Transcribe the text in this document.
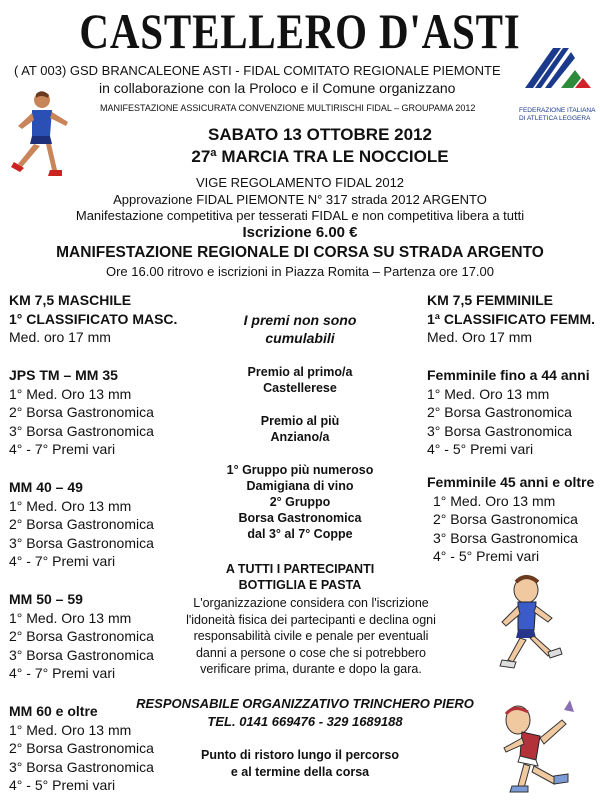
CASTELLERO D'ASTI
( AT 003) GSD BRANCALEONE ASTI - FIDAL COMITATO REGIONALE PIEMONTE
in collaborazione con la Proloco e il Comune organizzano
MANIFESTAZIONE ASSICURATA CONVENZIONE MULTIRISCHI FIDAL – GROUPAMA 2012	FEDERAZIONE ITALIANA
DI ATLETICA LEGGERA
SABATO 13 OTTOBRE 2012
27ª MARCIA TRA LE NOCCIOLE
VIGE REGOLAMENTO FIDAL 2012
Approvazione FIDAL PIEMONTE N° 317 strada 2012 ARGENTO
Manifestazione competitiva per tesserati FIDAL e non competitiva libera a tutti
Iscrizione 6.00 €
MANIFESTAZIONE REGIONALE DI CORSA SU STRADA ARGENTO
Ore 16.00 ritrovo e iscrizioni in Piazza Romita – Partenza ore 17.00
KM 7,5 MASCHILE
1° CLASSIFICATO MASC.
Med. oro 17 mm
JPS TM – MM 35
1° Med. Oro 13 mm
2° Borsa Gastronomica
3° Borsa Gastronomica
4° - 7° Premi vari
MM 40 – 49
1° Med. Oro 13 mm
2° Borsa Gastronomica
3° Borsa Gastronomica
4° - 7° Premi vari
MM 50 – 59
1° Med. Oro 13 mm
2° Borsa Gastronomica
3° Borsa Gastronomica
4° - 7° Premi vari
MM 60 e oltre
1° Med. Oro 13 mm
2° Borsa Gastronomica
3° Borsa Gastronomica
4° - 5° Premi vari
KM 7,5 FEMMINILE
1ª CLASSIFICATO FEMM.
Med. Oro 17 mm
Femminile fino a 44 anni
1° Med. Oro 13 mm
2° Borsa Gastronomica
3° Borsa Gastronomica
4° - 5° Premi vari
Femminile 45 anni e oltre
1° Med. Oro 13 mm
2° Borsa Gastronomica
3° Borsa Gastronomica
4° - 5° Premi vari
I premi non sono
cumulabili
Premio al primo/a
Castellerese
Premio al più
Anziano/a
1° Gruppo più numeroso
Damigiana di vino
2° Gruppo
Borsa Gastronomica
dal 3° al 7° Coppe
A TUTTI I PARTECIPANTI
BOTTIGLIA E PASTA
L'organizzazione considera con l'iscrizione
l'idoneità fisica dei partecipanti e declina ogni
responsabilità civile e penale per eventuali
danni a persone o cose che si potrebbero
verificare prima, durante e dopo la gara.
RESPONSABILE ORGANIZZATIVO TRINCHERO PIERO
TEL. 0141 669476 - 329 1689188
Punto di ristoro lungo il percorso
e al termine della corsa
